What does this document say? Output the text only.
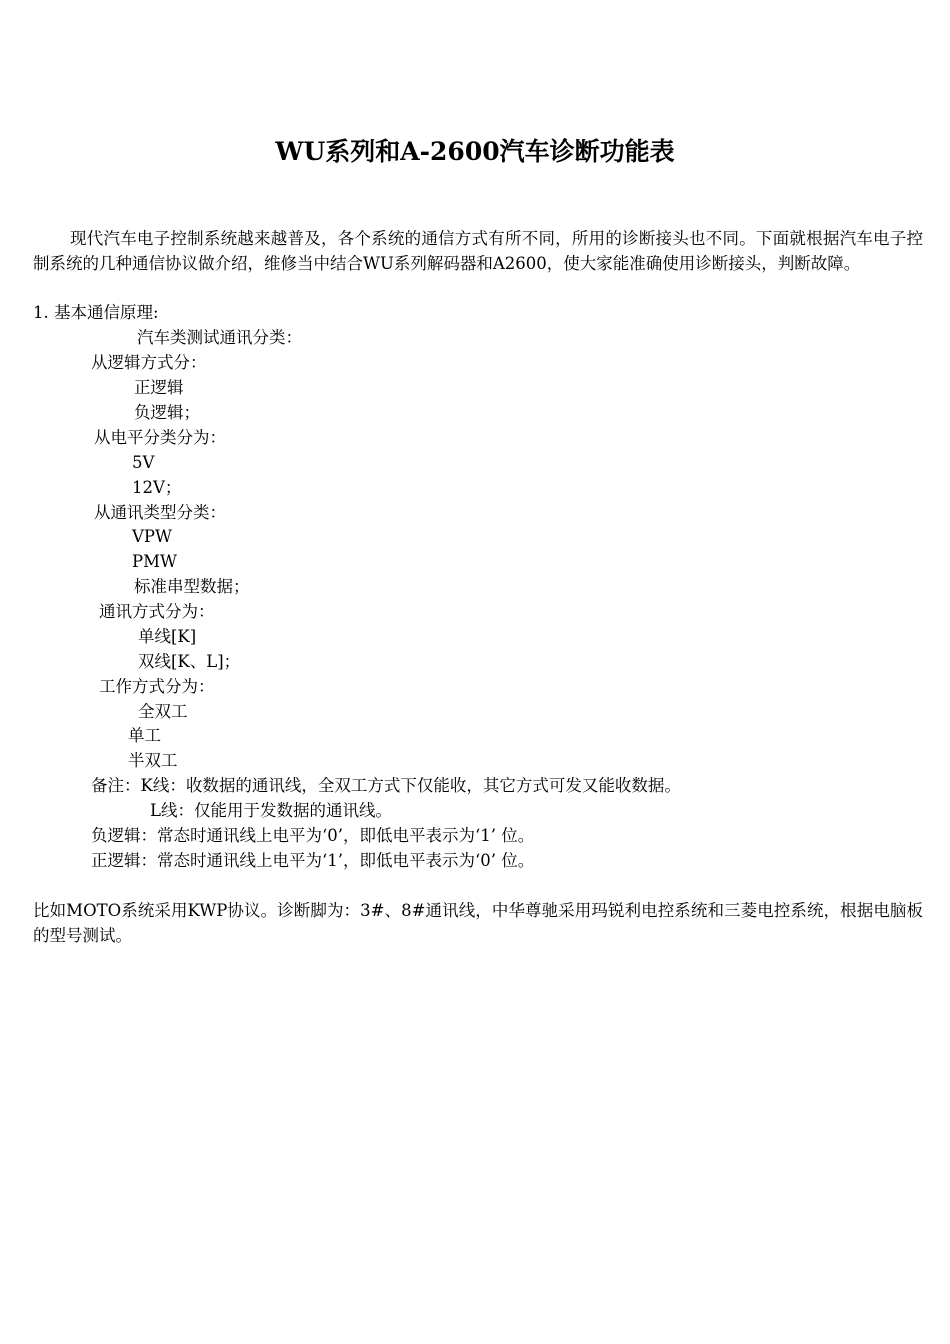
WU系列和A-2600汽车诊断功能表
现代汽车电子控制系统越来越普及，各个系统的通信方式有所不同，所用的诊断接头也不同。下面就根据汽车电子控制系统的几种通信协议做介绍，维修当中结合WU系列解码器和A2600，使大家能准确使用诊断接头，判断故障。
1. 基本通信原理:
汽车类测试通讯分类：
从逻辑方式分：
正逻辑
负逻辑；
从电平分类分为：
5V
12V；
从通讯类型分类：
VPW
PMW
标准串型数据；
通讯方式分为：
单线[K]
双线[K、L]；
工作方式分为：
全双工
单工
半双工
备注：K线：收数据的通讯线，全双工方式下仅能收，其它方式可发又能收数据。
L线：仅能用于发数据的通讯线。
负逻辑：常态时通讯线上电平为‘0’，即低电平表示为‘1’ 位。
正逻辑：常态时通讯线上电平为‘1’，即低电平表示为‘0’ 位。
比如MOTO系统采用KWP协议。诊断脚为：3#、8#通讯线，中华尊驰采用玛锐利电控系统和三菱电控系统，根据电脑板的型号测试。
